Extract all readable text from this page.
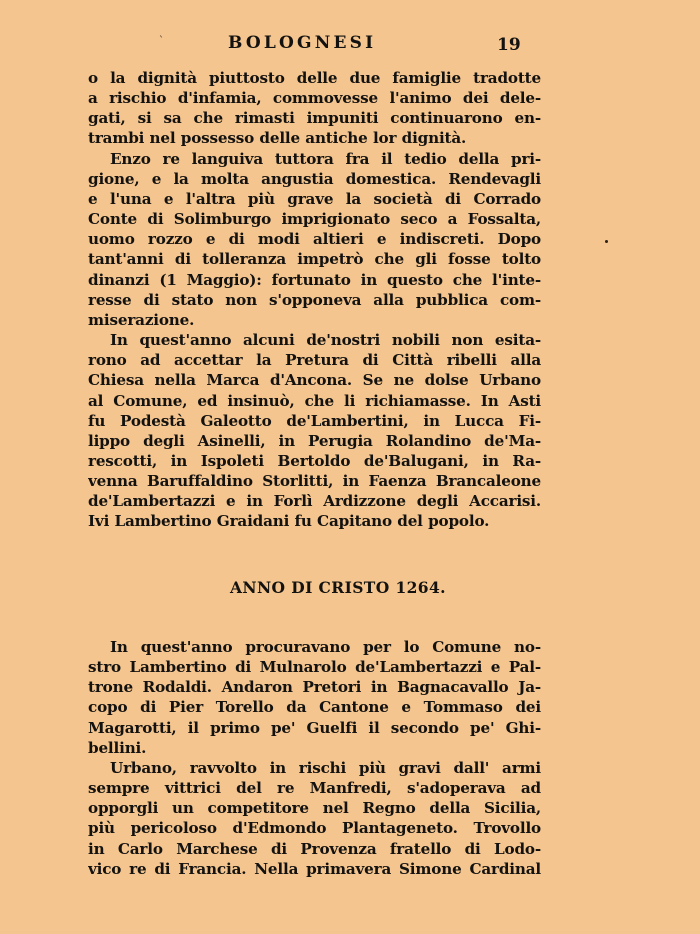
BOLOGNESI	19
`

o la dignità piuttosto delle due famiglie tradotte
a rischio d'infamia, commovesse l'animo dei dele-
gati, si sa che rimasti impuniti continuarono en-
trambi nel possesso delle antiche lor dignità.

Enzo re languiva tuttora fra il tedio della pri-
gione, e la molta angustia domestica. Rendevagli
e l'una e l'altra più grave la società di Corrado
Conte di Solimburgo imprigionato seco a Fossalta,
uomo rozzo e di modi altieri e indiscreti. Dopo
tant'anni di tolleranza impetrò che gli fosse tolto
dinanzi (1 Maggio): fortunato in questo che l'inte-
resse di stato non s'opponeva alla pubblica com-
miserazione.

In quest'anno alcuni de'nostri nobili non esita-
rono ad accettar la Pretura di Città ribelli alla
Chiesa nella Marca d'Ancona. Se ne dolse Urbano
al Comune, ed insinuò, che li richiamasse. In Asti
fu Podestà Galeotto de'Lambertini, in Lucca Fi-
lippo degli Asinelli, in Perugia Rolandino de'Ma-
rescotti, in Ispoleti Bertoldo de'Balugani, in Ra-
venna Baruffaldino Storlitti, in Faenza Brancaleone
de'Lambertazzi e in Forlì Ardizzone degli Accarisi.
Ivi Lambertino Graidani fu Capitano del popolo.

ANNO DI CRISTO 1264.

In quest'anno procuravano per lo Comune no-
stro Lambertino di Mulnarolo de'Lambertazzi e Pal-
trone Rodaldi. Andaron Pretori in Bagnacavallo Ja-
copo di Pier Torello da Cantone e Tommaso dei
Magarotti, il primo pe' Guelfi il secondo pe' Ghi-
bellini.

Urbano, ravvolto in rischi più gravi dall' armi
sempre vittrici del re Manfredi, s'adoperava ad
opporgli un competitore nel Regno della Sicilia,
più pericoloso d'Edmondo Plantageneto. Trovollo
in Carlo Marchese di Provenza fratello di Lodo-
vico re di Francia. Nella primavera Simone Cardinal
